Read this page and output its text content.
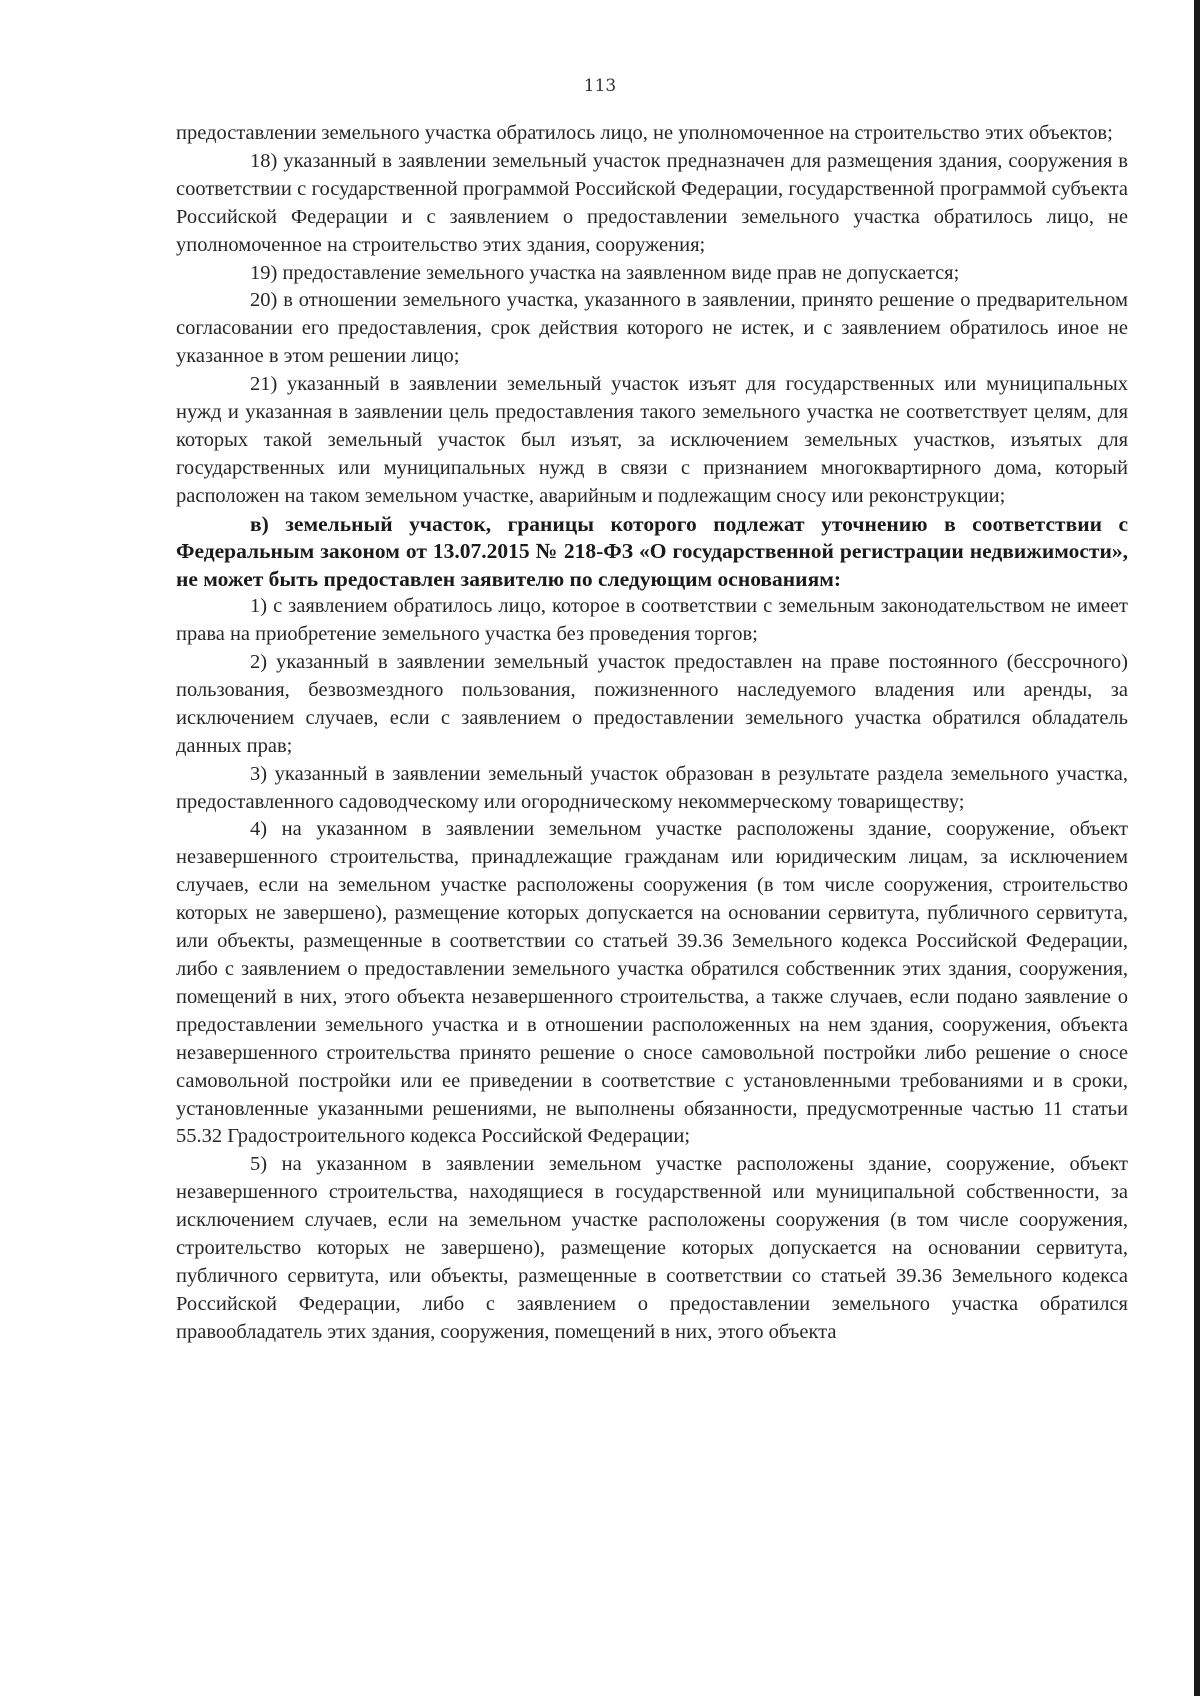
113

предоставлении земельного участка обратилось лицо, не уполномоченное на строительство этих объектов;

18) указанный в заявлении земельный участок предназначен для размещения здания, сооружения в соответствии с государственной программой Российской Федерации, государственной программой субъекта Российской Федерации и с заявлением о предоставлении земельного участка обратилось лицо, не уполномоченное на строительство этих здания, сооружения;

19) предоставление земельного участка на заявленном виде прав не допускается;

20) в отношении земельного участка, указанного в заявлении, принято решение о предварительном согласовании его предоставления, срок действия которого не истек, и с заявлением обратилось иное не указанное в этом решении лицо;

21) указанный в заявлении земельный участок изъят для государственных или муниципальных нужд и указанная в заявлении цель предоставления такого земельного участка не соответствует целям, для которых такой земельный участок был изъят, за исключением земельных участков, изъятых для государственных или муниципальных нужд в связи с признанием многоквартирного дома, который расположен на таком земельном участке, аварийным и подлежащим сносу или реконструкции;

в) земельный участок, границы которого подлежат уточнению в соответствии с Федеральным законом от 13.07.2015 № 218-ФЗ «О государственной регистрации недвижимости», не может быть предоставлен заявителю по следующим основаниям:

1) с заявлением обратилось лицо, которое в соответствии с земельным законодательством не имеет права на приобретение земельного участка без проведения торгов;

2) указанный в заявлении земельный участок предоставлен на праве постоянного (бессрочного) пользования, безвозмездного пользования, пожизненного наследуемого владения или аренды, за исключением случаев, если с заявлением о предоставлении земельного участка обратился обладатель данных прав;

3) указанный в заявлении земельный участок образован в результате раздела земельного участка, предоставленного садоводческому или огородническому некоммерческому товариществу;

4) на указанном в заявлении земельном участке расположены здание, сооружение, объект незавершенного строительства, принадлежащие гражданам или юридическим лицам, за исключением случаев, если на земельном участке расположены сооружения (в том числе сооружения, строительство которых не завершено), размещение которых допускается на основании сервитута, публичного сервитута, или объекты, размещенные в соответствии со статьей 39.36 Земельного кодекса Российской Федерации, либо с заявлением о предоставлении земельного участка обратился собственник этих здания, сооружения, помещений в них, этого объекта незавершенного строительства, а также случаев, если подано заявление о предоставлении земельного участка и в отношении расположенных на нем здания, сооружения, объекта незавершенного строительства принято решение о сносе самовольной постройки либо решение о сносе самовольной постройки или ее приведении в соответствие с установленными требованиями и в сроки, установленные указанными решениями, не выполнены обязанности, предусмотренные частью 11 статьи 55.32 Градостроительного кодекса Российской Федерации;

5) на указанном в заявлении земельном участке расположены здание, сооружение, объект незавершенного строительства, находящиеся в государственной или муниципальной собственности, за исключением случаев, если на земельном участке расположены сооружения (в том числе сооружения, строительство которых не завершено), размещение которых допускается на основании сервитута, публичного сервитута, или объекты, размещенные в соответствии со статьей 39.36 Земельного кодекса Российской Федерации, либо с заявлением о предоставлении земельного участка обратился правообладатель этих здания, сооружения, помещений в них, этого объекта
